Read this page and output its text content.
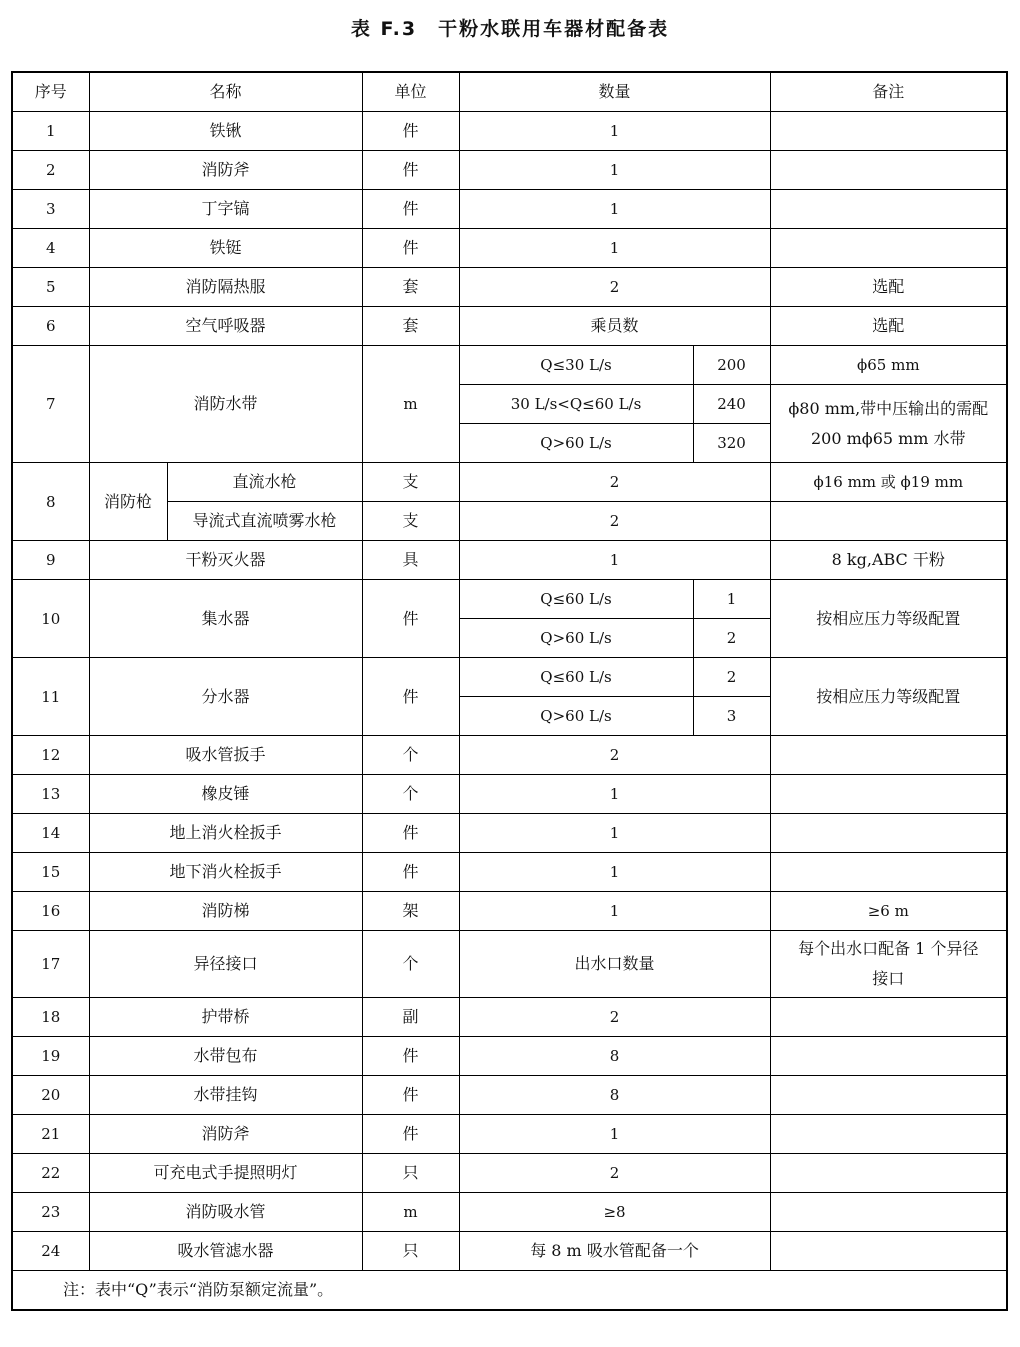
表 F.3　干粉水联用车器材配备表
序号	名称		单位	数量		备注
1	铁锹		件	1		
2	消防斧		件	1		
3	丁字镐		件	1		
4	铁铤		件	1		
5	消防隔热服		套	2		选配
6	空气呼吸器		套	乘员数		选配
7	消防水带		m	Q≤30 L/s	200	ϕ65 mm
				30 L/s<Q≤60 L/s	240	ϕ80 mm,带中压输出的需配 200 mϕ65 mm 水带
				Q>60 L/s	320	
8	消防枪	直流水枪	支	2		ϕ16 mm 或 ϕ19 mm
		导流式直流喷雾水枪	支	2		
9	干粉灭火器		具	1		8 kg,ABC 干粉
10	集水器		件	Q≤60 L/s	1	按相应压力等级配置
				Q>60 L/s	2	
11	分水器		件	Q≤60 L/s	2	按相应压力等级配置
				Q>60 L/s	3	
12	吸水管扳手		个	2		
13	橡皮锤		个	1		
14	地上消火栓扳手		件	1		
15	地下消火栓扳手		件	1		
16	消防梯		架	1		≥6 m
17	异径接口		个	出水口数量		每个出水口配备 1 个异径接口
18	护带桥		副	2		
19	水带包布		件	8		
20	水带挂钩		件	8		
21	消防斧		件	1		
22	可充电式手提照明灯		只	2		
23	消防吸水管		m	≥8		
24	吸水管滤水器		只	每 8 m 吸水管配备一个		
注：表中“Q”表示“消防泵额定流量”。						
